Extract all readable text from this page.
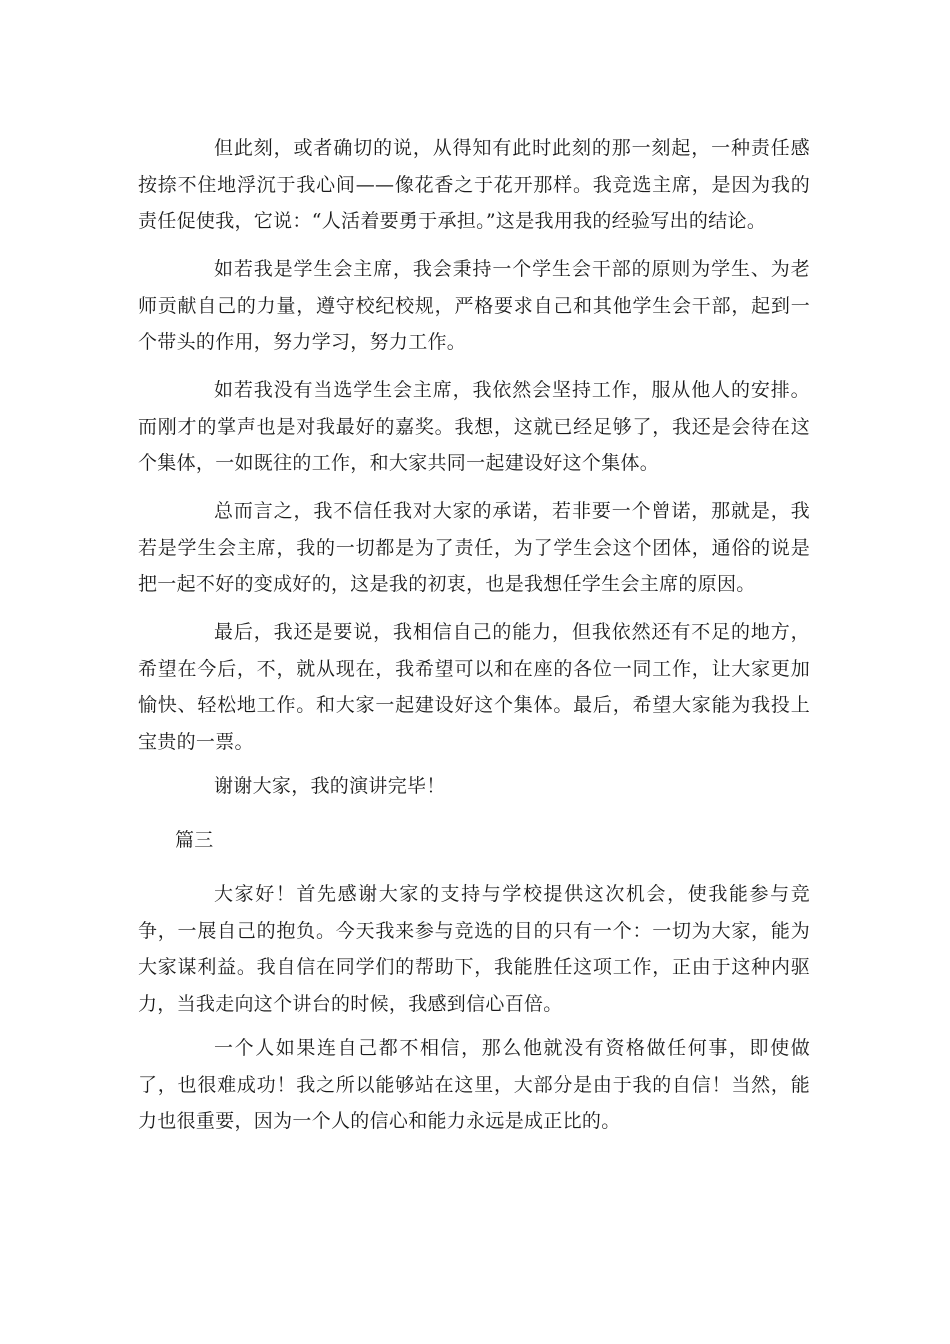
但此刻，或者确切的说，从得知有此时此刻的那一刻起，一种责任感按捺不住地浮沉于我心间——像花香之于花开那样。我竞选主席，是因为我的责任促使我，它说：“人活着要勇于承担。”这是我用我的经验写出的结论。

如若我是学生会主席，我会秉持一个学生会干部的原则为学生、为老师贡献自己的力量，遵守校纪校规，严格要求自己和其他学生会干部，起到一个带头的作用，努力学习，努力工作。

如若我没有当选学生会主席，我依然会坚持工作，服从他人的安排。而刚才的掌声也是对我最好的嘉奖。我想，这就已经足够了，我还是会待在这个集体，一如既往的工作，和大家共同一起建设好这个集体。

总而言之，我不信任我对大家的承诺，若非要一个曾诺，那就是，我若是学生会主席，我的一切都是为了责任，为了学生会这个团体，通俗的说是把一起不好的变成好的，这是我的初衷，也是我想任学生会主席的原因。

最后，我还是要说，我相信自己的能力，但我依然还有不足的地方，希望在今后，不，就从现在，我希望可以和在座的各位一同工作，让大家更加愉快、轻松地工作。和大家一起建设好这个集体。最后，希望大家能为我投上宝贵的一票。

谢谢大家，我的演讲完毕！

篇三

大家好！首先感谢大家的支持与学校提供这次机会，使我能参与竞争，一展自己的抱负。今天我来参与竞选的目的只有一个：一切为大家，能为大家谋利益。我自信在同学们的帮助下，我能胜任这项工作，正由于这种内驱力，当我走向这个讲台的时候，我感到信心百倍。

一个人如果连自己都不相信，那么他就没有资格做任何事，即使做了，也很难成功！我之所以能够站在这里，大部分是由于我的自信！当然，能力也很重要，因为一个人的信心和能力永远是成正比的。
